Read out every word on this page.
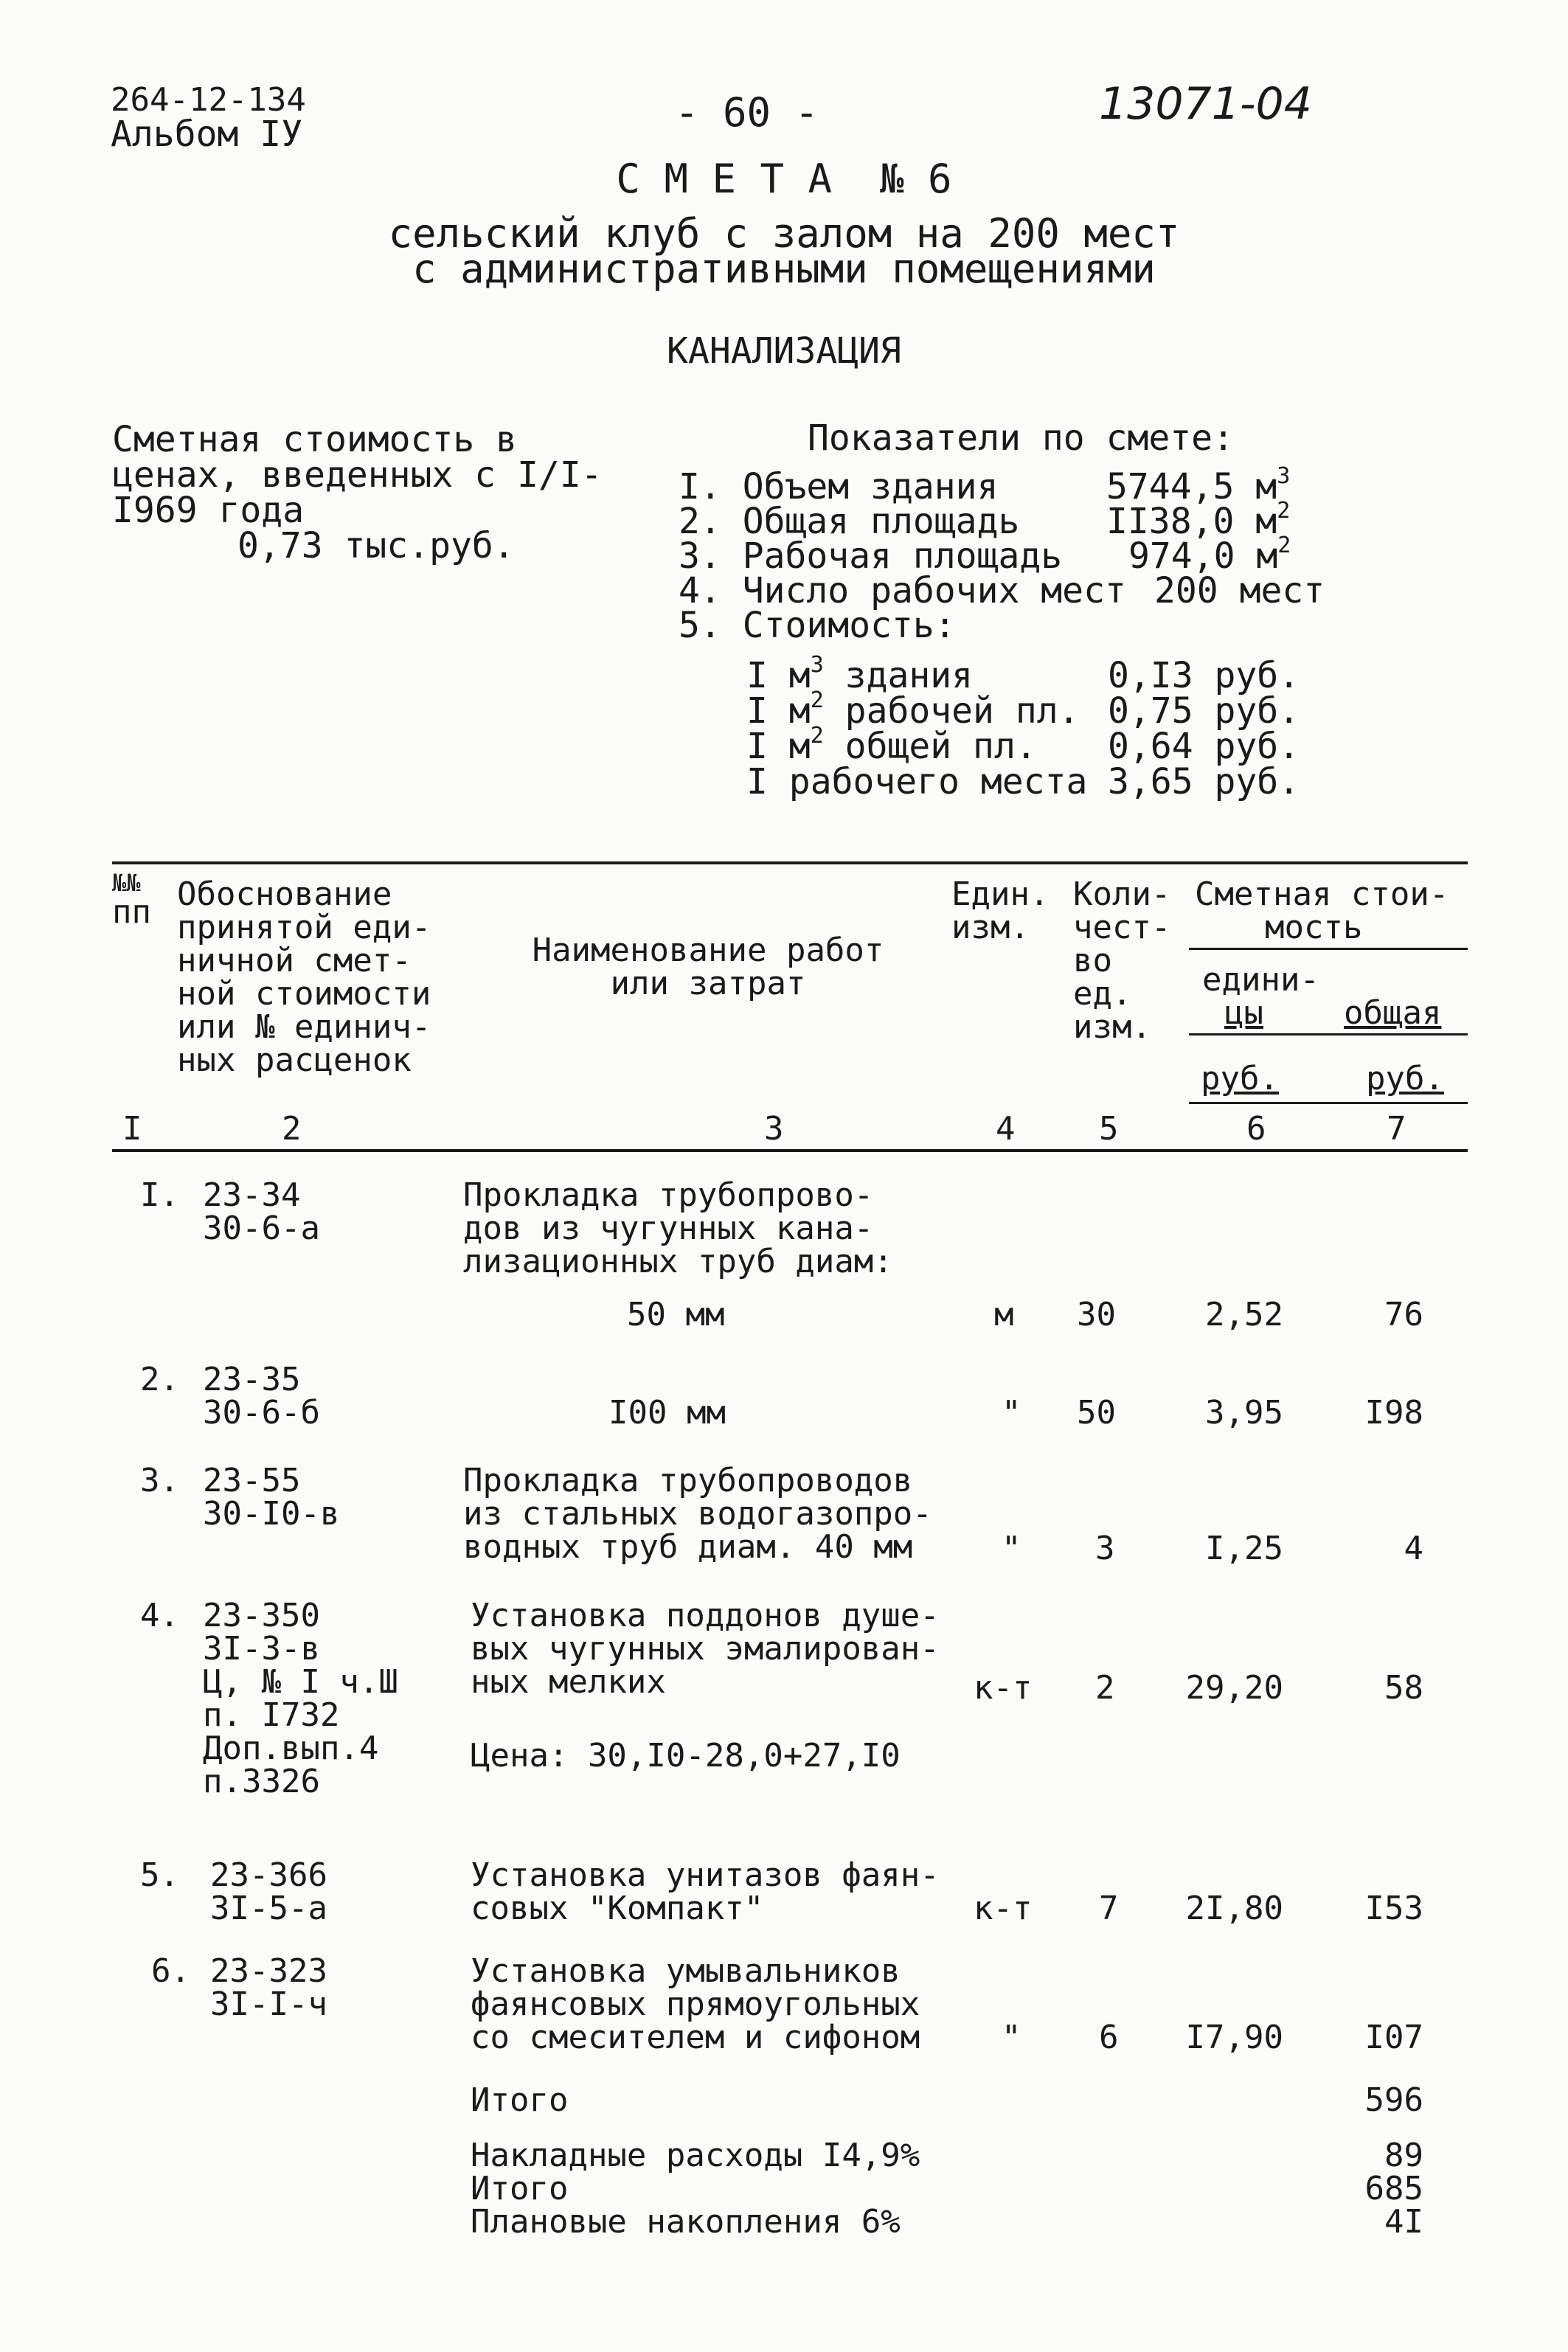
264-12-134
Альбом IУ	- 60 -	13071-04
С М Е Т А  № 6
сельский клуб с залом на 200 мест
с административными помещениями
КАНАЛИЗАЦИЯ
Сметная стоимость в
ценах, введенных с I/I-
I969 года
0,73 тыс.руб.
Показатели по смете:
I. Объем здания	5744,5 $м^3$
2. Общая площадь II38,0 $м^2$
3. Рабочая площадь 974,0 $м^2$
4. Число рабочих мест 200 мест
5. Стоимость:
I $м^3$ здания	0,I3 руб.
I $м^2$ рабочей пл. 0,75 руб.
I $м^2$ общей пл. 0,64 руб.
I рабочего места 3,65 руб.
№№
пп Обоснование
принятой еди-
ничной смет-
ной стоимости
или № единич-
ных расценок
Наименование работ
или затрат
Един.
изм.
Коли-
чест-
во
ед.
изм.
Сметная стои-
мость
едини-
цы	общая
руб.	руб.
I	2	3	4	5	6	7
I. 23-34
30-6-а
Прокладка трубопрово-
дов из чугунных кана-
лизационных труб диам:
50 мм	м 30	2,52	76
2. 23-35
30-6-б	I00 мм	" 50	3,95	I98
3. 23-55
30-I0-в
Прокладка трубопроводов
из стальных водогазопро-
водных труб диам. 40 мм	" 3	I,25	4
4. 23-350
3I-3-в
Ц, № I ч.Ш
п. I732
Доп.вып.4
п.3326
Установка поддонов душе-
вых чугунных эмалирован-
ных мелких
Цена: 30,I0-28,0+27,I0
к-т 2 29,20	58
5. 23-366
3I-5-а
Установка унитазов фаян-
совых "Компакт"	к-т 7 2I,80	I53
6. 23-323
3I-I-ч
Установка умывальников
фаянсовых прямоугольных
со смесителем и сифоном	" 6 I7,90	I07
Итого	596
Накладные расходы I4,9%	89
Итого	685
Плановые накопления 6%	4I
